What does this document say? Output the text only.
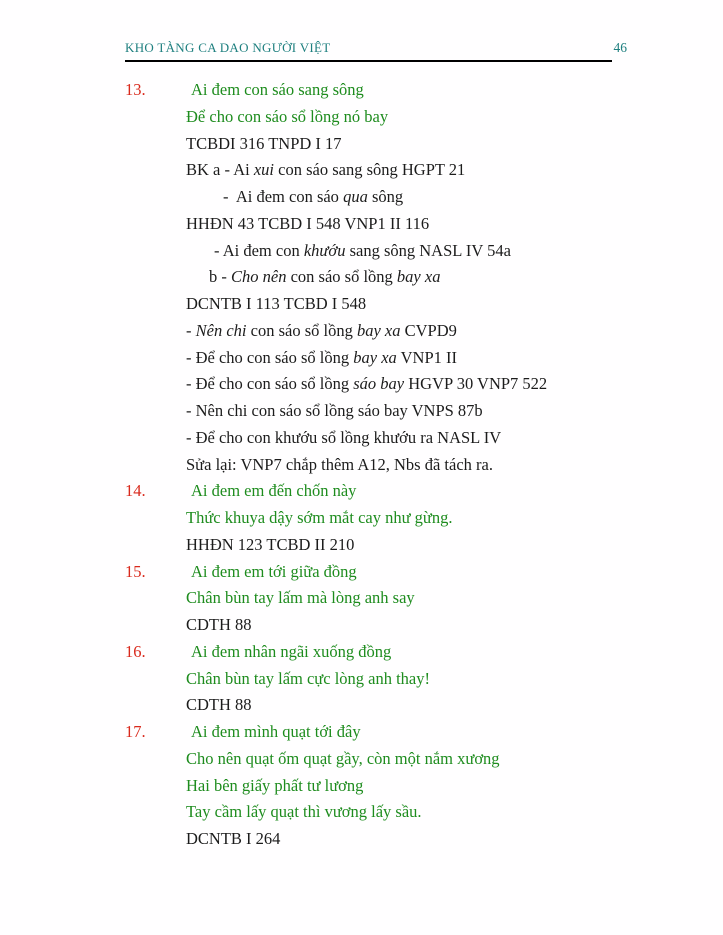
KHO TÀNG CA DAO NGƯỜI VIỆT	46
13.	Ai đem con sáo sang sông
Để cho con sáo sổ lồng nó bay
TCBDI 316 TNPD I 17
BK a - Ai xui con sáo sang sông HGPT 21
-  Ai đem con sáo qua sông
HHĐN 43 TCBD I 548 VNP1 II 116
- Ai đem con khướu sang sông NASL IV 54a
b - Cho nên con sáo sổ lồng bay xa
DCNTB I 113 TCBD I 548
- Nên chi con sáo sổ lồng bay xa CVPD9
- Để cho con sáo sổ lồng bay xa VNP1 II
- Để cho con sáo sổ lồng sáo bay HGVP 30 VNP7 522
- Nên chi con sáo sổ lồng sáo bay VNPS 87b
- Để cho con khướu sổ lồng khướu ra NASL IV
Sửa lại: VNP7 chắp thêm A12, Nbs đã tách ra.
14.	Ai đem em đến chốn này
Thức khuya dậy sớm mắt cay như gừng.
HHĐN 123 TCBD II 210
15.	Ai đem em tới giữa đồng
Chân bùn tay lấm mà lòng anh say
CDTH 88
16.	Ai đem nhân ngãi xuống đồng
Chân bùn tay lấm cực lòng anh thay!
CDTH 88
17.	Ai đem mình quạt tới đây
Cho nên quạt ốm quạt gầy, còn một nắm xương
Hai bên giấy phất tư lương
Tay cầm lấy quạt thì vương lấy sầu.
DCNTB I 264
